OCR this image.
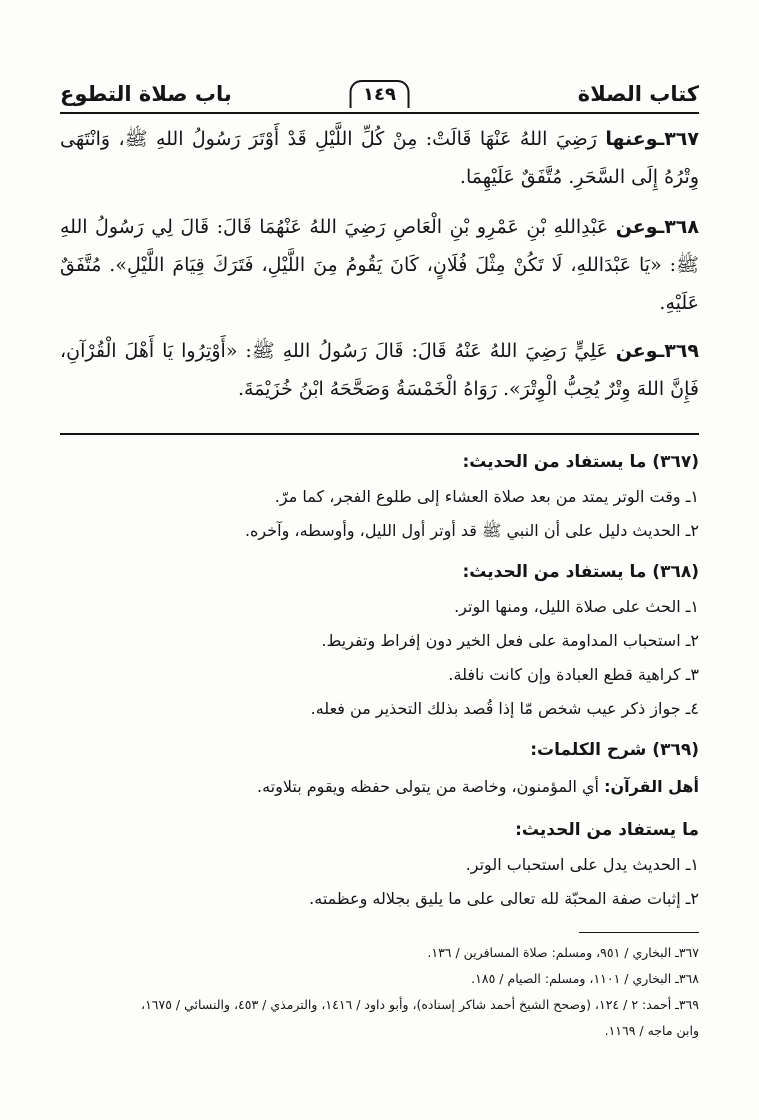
كتاب الصلاة
١٤٩
باب صلاة التطوع
٣٦٧ـوعنها رَضِيَ اللهُ عَنْهَا قَالَتْ: مِنْ كُلِّ اللَّيْلِ قَدْ أَوْتَرَ رَسُولُ اللهِ ﷺ، وَانْتَهَى وِتْرُهُ إِلَى السَّحَرِ. مُتَّفَقٌ عَلَيْهِمَا.
٣٦٨ـوعن عَبْدِاللهِ بْنِ عَمْرِو بْنِ الْعَاصِ رَضِيَ اللهُ عَنْهُمَا قَالَ: قَالَ لِي رَسُولُ اللهِ ﷺ: «يَا عَبْدَاللهِ، لَا تَكُنْ مِثْلَ فُلَانٍ، كَانَ يَقُومُ مِنَ اللَّيْلِ، فَتَرَكَ قِيَامَ اللَّيْلِ». مُتَّفَقٌ عَلَيْهِ.
٣٦٩ـوعن عَلِيٍّ رَضِيَ اللهُ عَنْهُ قَالَ: قَالَ رَسُولُ اللهِ ﷺ: «أَوْتِرُوا يَا أَهْلَ الْقُرْآنِ، فَإِنَّ اللهَ وِتْرٌ يُحِبُّ الْوِتْرَ». رَوَاهُ الْخَمْسَةُ وَصَحَّحَهُ ابْنُ خُزَيْمَةَ.
(٣٦٧) ما يستفاد من الحديث:
١ـ وقت الوتر يمتد من بعد صلاة العشاء إلى طلوع الفجر، كما مرّ.
٢ـ الحديث دليل على أن النبي ﷺ قد أوتر أول الليل، وأوسطه، وآخره.
(٣٦٨) ما يستفاد من الحديث:
١ـ الحث على صلاة الليل، ومنها الوتر.
٢ـ استحباب المداومة على فعل الخير دون إفراط وتفريط.
٣ـ كراهية قطع العبادة وإن كانت نافلة.
٤ـ جواز ذكر عيب شخص مّا إذا قُصد بذلك التحذير من فعله.
(٣٦٩) شرح الكلمات:
أهل القرآن: أي المؤمنون، وخاصة من يتولى حفظه ويقوم بتلاوته.
ما يستفاد من الحديث:
١ـ الحديث يدل على استحباب الوتر.
٢ـ إثبات صفة المحبّة لله تعالى على ما يليق بجلاله وعظمته.
٣٦٧ـ البخاري / ٩٥١، ومسلم: صلاة المسافرين / ١٣٦.
٣٦٨ـ البخاري / ١١٠١، ومسلم: الصيام / ١٨٥.
٣٦٩ـ أحمد: ٢ / ١٢٤، (وصحح الشيخ أحمد شاكر إسناده)، وأبو داود / ١٤١٦، والترمذي / ٤٥٣، والنسائي / ١٦٧٥،
وابن ماجه / ١١٦٩.
